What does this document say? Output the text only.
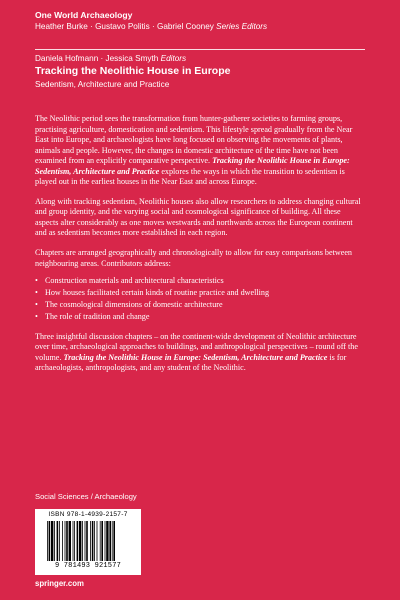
One World Archaeology
Heather Burke · Gustavo Politis · Gabriel Cooney Series Editors
Daniela Hofmann · Jessica Smyth Editors
Tracking the Neolithic House in Europe
Sedentism, Architecture and Practice

The Neolithic period sees the transformation from hunter-gatherer societies to farming groups, practising agriculture, domestication and sedentism. This lifestyle spread gradually from the Near East into Europe, and archaeologists have long focused on observing the movements of plants, animals and people. However, the changes in domestic architecture of the time have not been examined from an explicitly comparative perspective. Tracking the Neolithic House in Europe: Sedentism, Architecture and Practice explores the ways in which the transition to sedentism is played out in the earliest houses in the Near East and across Europe.

Along with tracking sedentism, Neolithic houses also allow researchers to address changing cultural and group identity, and the varying social and cosmological significance of building. All these aspects alter considerably as one moves westwards and northwards across the European continent and as sedentism becomes more established in each region.

Chapters are arranged geographically and chronologically to allow for easy comparisons between neighbouring areas. Contributors address:

• Construction materials and architectural characteristics
• How houses facilitated certain kinds of routine practice and dwelling
• The cosmological dimensions of domestic architecture
• The role of tradition and change

Three insightful discussion chapters – on the continent-wide development of Neolithic architecture over time, archaeological approaches to buildings, and anthropological perspectives – round off the volume. Tracking the Neolithic House in Europe: Sedentism, Architecture and Practice is for archaeologists, anthropologists, and any student of the Neolithic.

Social Sciences / Archaeology
ISBN 978-1-4939-2157-7
9 781493 921577
springer.com
